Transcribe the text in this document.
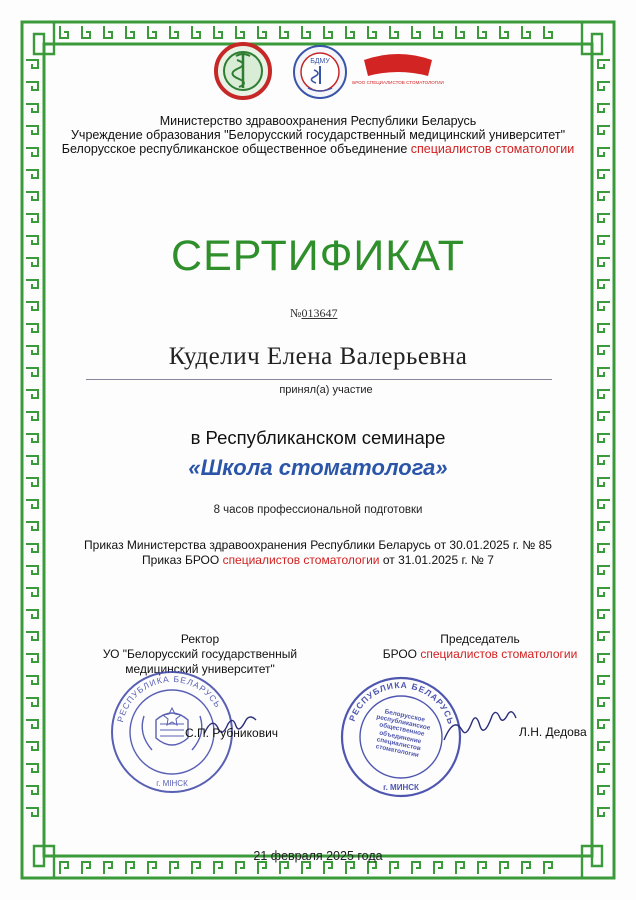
БДМУ
БРОО СПЕЦИАЛИСТОВ СТОМАТОЛОГИИ
Министерство здравоохранения Республики Беларусь
Учреждение образования "Белорусский государственный медицинский университет"
Белорусское республиканское общественное объединение специалистов стоматологии
СЕРТИФИКАТ
№013647
Куделич Елена Валерьевна
принял(а) участие
в Республиканском семинаре
«Школа стоматолога»
8 часов профессиональной подготовки
Приказ Министерства здравоохранения Республики Беларусь от 30.01.2025 г. № 85
Приказ БРОО специалистов стоматологии от 31.01.2025 г. № 7
Ректор
УО "Белорусский государственный
медицинский университет"
Председатель
БРОО специалистов стоматологии
РЕСПУБЛИКА БЕЛАРУСЬ
г. МІНСК
С.П. Рубникович
РЕСПУБЛИКА БЕЛАРУСЬ
Белорусское республиканское общественное объединение специалистов стоматологии
г. МИНСК
Л.Н. Дедова
21 февраля 2025 года
